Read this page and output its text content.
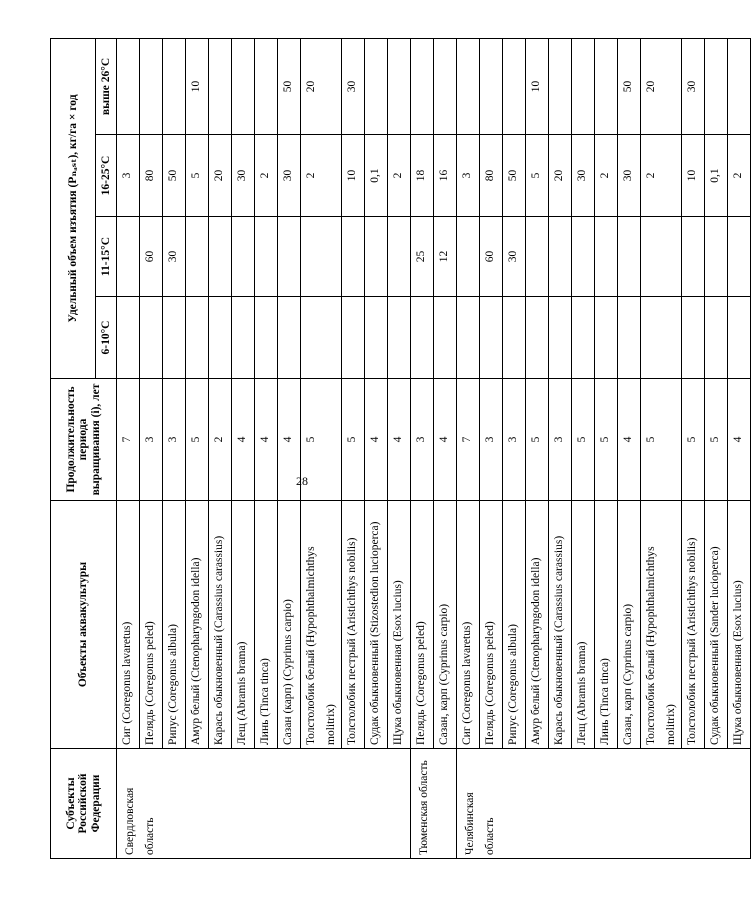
28
Субъекты Российской Федерации	Объекты аквакультуры	Продолжительность периода выращивания (i), лет	Удельный объем изъятия (Pₙₐₛₜ), кг/га × год			
			6-10°C	11-15°C	16-25°C	выше 26°C
Свердловская область	Сиг (Coregonus lavaretus)	7			3	
	Пелядь (Coregonus peled)	3		60	80	
	Рипус (Coregonus albula)	3		30	50	
	Амур белый (Ctenopharyngodon idella)	5			5	10
	Карась обыкновенный (Carassius carassius)	2			20	
	Лещ (Abramis brama)	4			30	
	Линь (Tinca tinca)	4			2	
	Сазан (карп) (Cyprinus carpio)	4			30	50
	Толстолобик белый (Hypophthalmichthys molitrix)	5			2	20
	Толстолобик пестрый (Aristichthys nobilis)	5			10	30
	Судак обыкновенный (Stizostedion lucioperca)	4			0,1	
	Щука обыкновенная (Esox lucius)	4			2	
Тюменская область	Пелядь (Coregonus peled)	3		25	18	
	Сазан, карп (Cyprinus carpio)	4		12	16	
Челябинская область	Сиг (Coregonus lavaretus)	7			3	
	Пелядь (Coregonus peled)	3		60	80	
	Рипус (Coregonus albula)	3		30	50	
	Амур белый (Ctenopharyngodon idella)	5			5	10
	Карась обыкновенный (Carassius carassius)	3			20	
	Лещ (Abramis brama)	5			30	
	Линь (Tinca tinca)	5			2	
	Сазан, карп (Cyprinus carpio)	4			30	50
	Толстолобик белый (Hypophthalmichthys molitrix)	5			2	20
	Толстолобик пестрый (Aristichthys nobilis)	5			10	30
	Судак обыкновенный (Sander lucioperca)	5			0,1	
	Щука обыкновенная (Esox lucius)	4			2	
